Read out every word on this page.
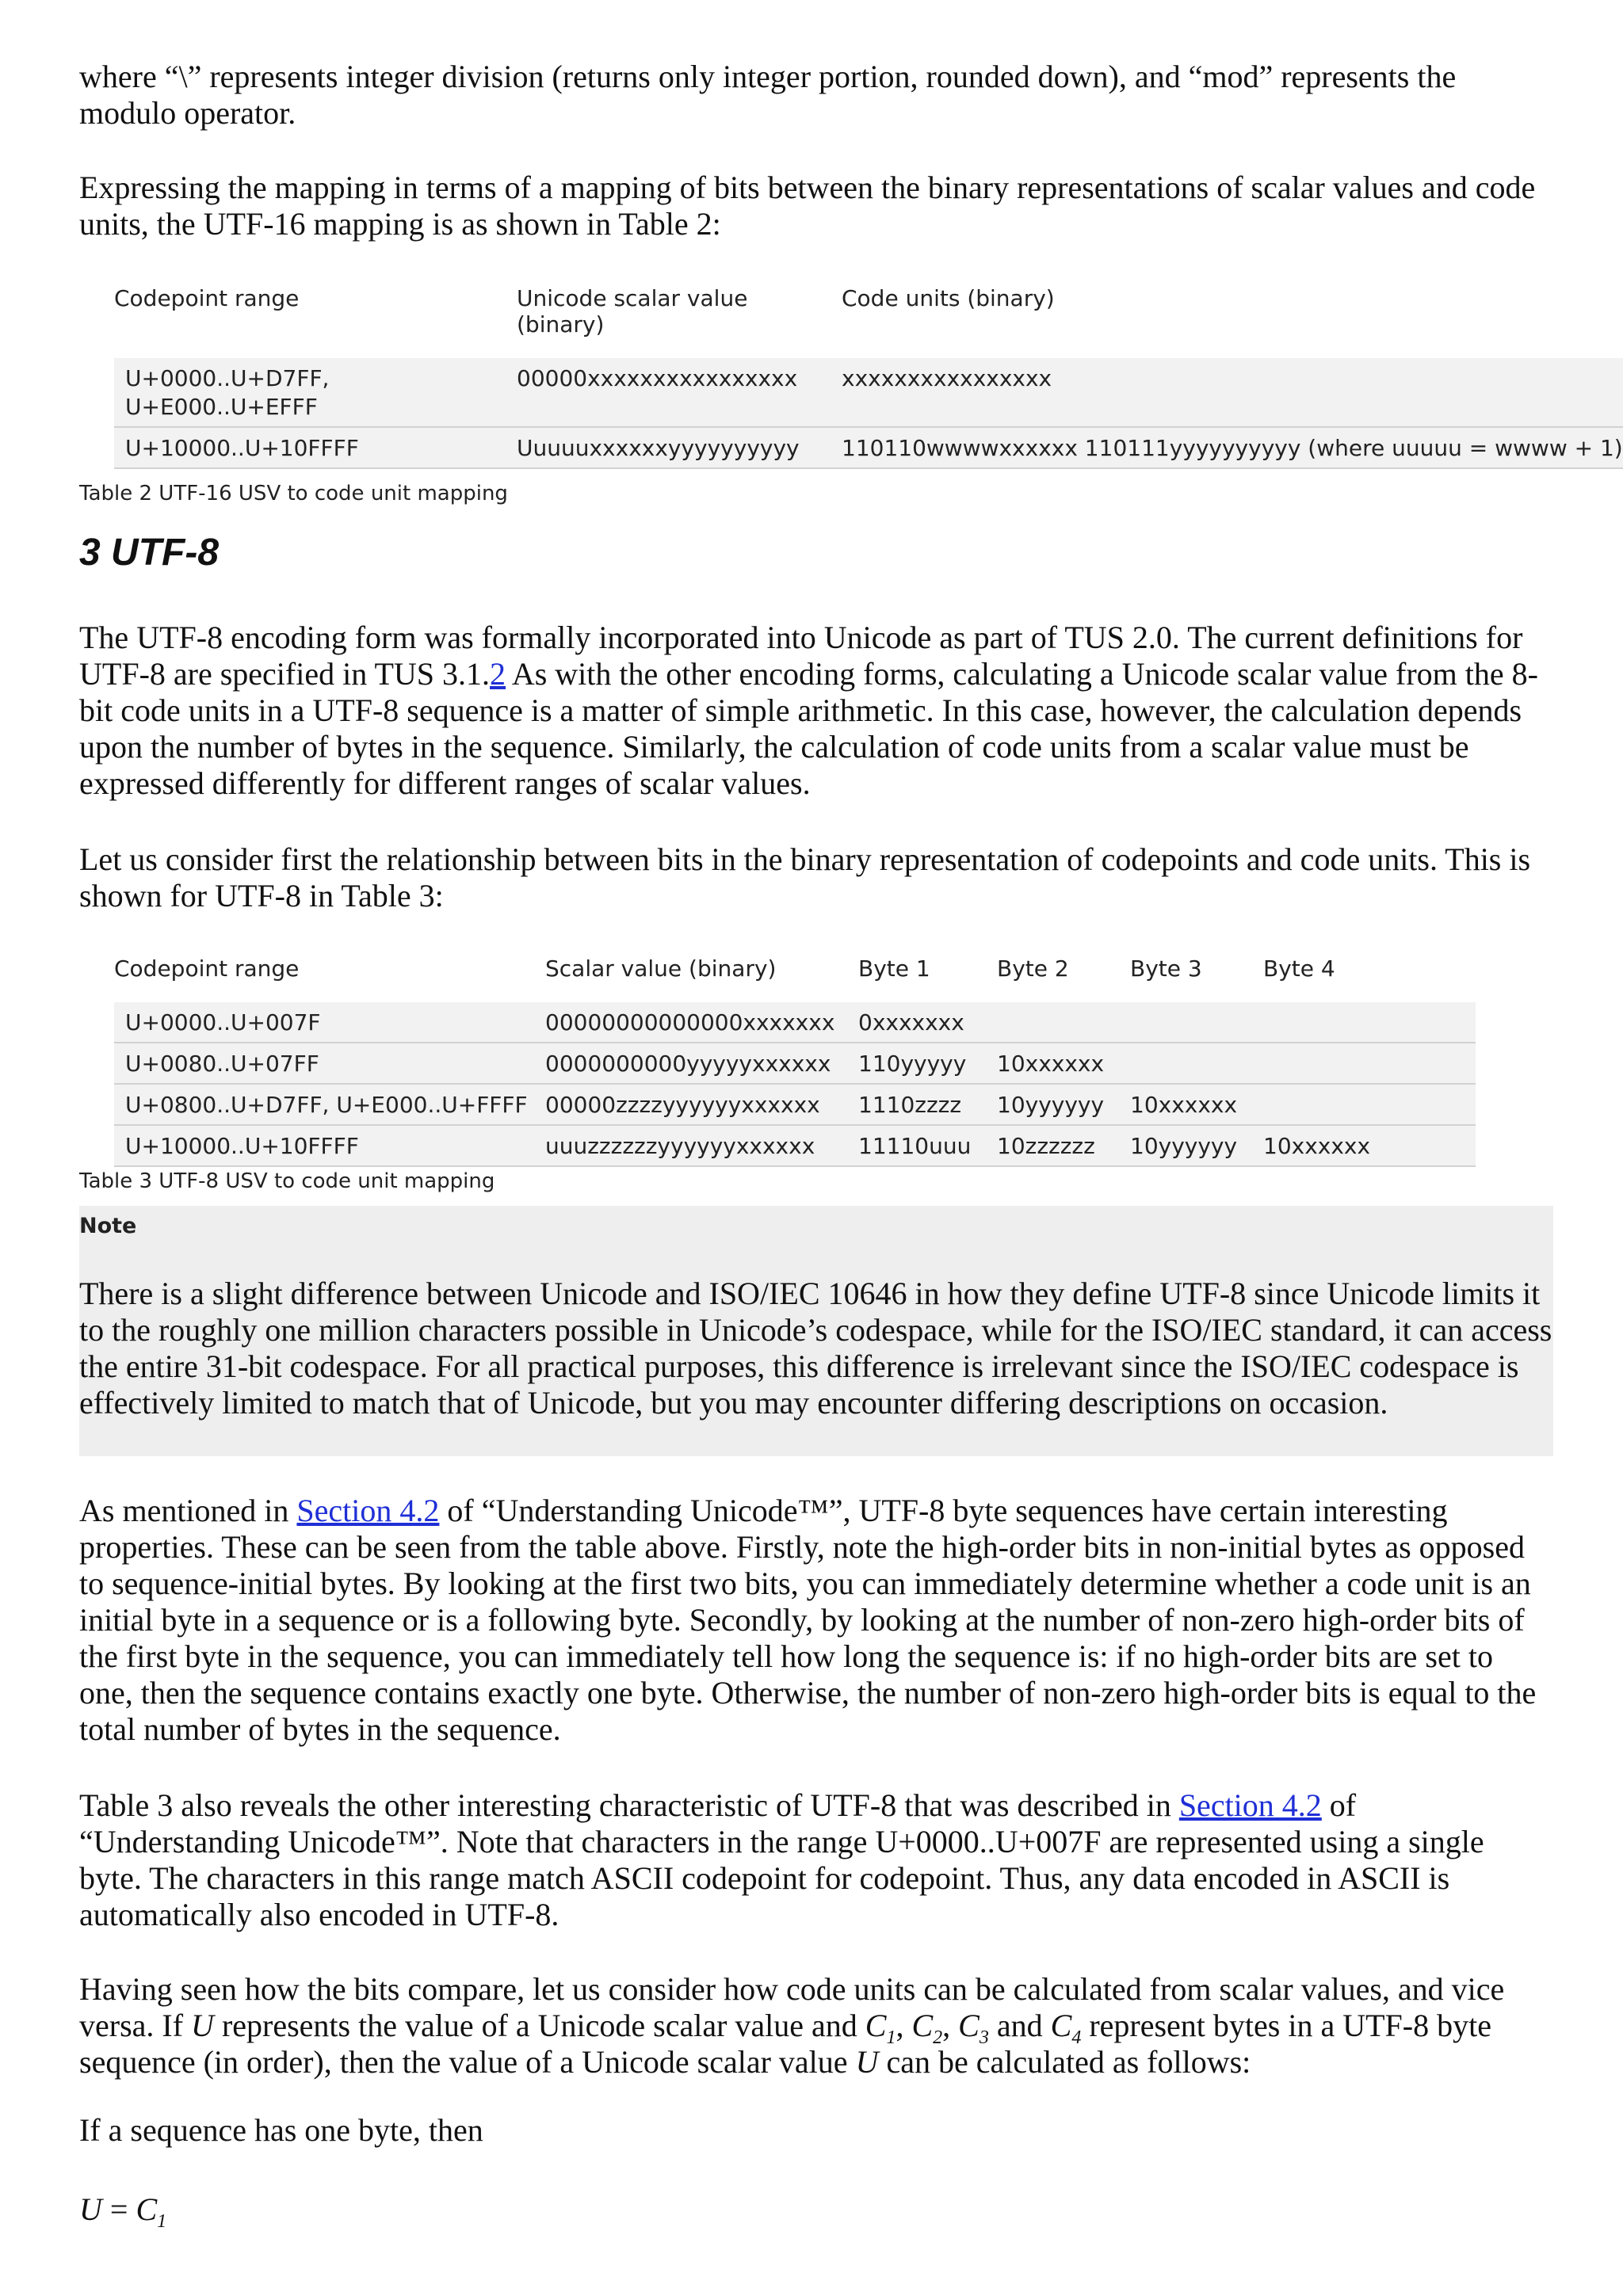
where “\” represents integer division (returns only integer portion, rounded down), and “mod” represents the modulo operator.

Expressing the mapping in terms of a mapping of bits between the binary representations of scalar values and code units, the UTF-16 mapping is as shown in Table 2:

Codepoint range	Unicode scalar value (binary)	Code units (binary)
U+0000..U+D7FF,
U+E000..U+EFFF	00000xxxxxxxxxxxxxxxx	xxxxxxxxxxxxxxxx
U+10000..U+10FFFF	Uuuuuxxxxxxyyyyyyyyyy	110110wwwwxxxxxx 110111yyyyyyyyyy (where uuuuu = wwww + 1)
Table 2 UTF-16 USV to code unit mapping
3 UTF-8

The UTF-8 encoding form was formally incorporated into Unicode as part of TUS 2.0. The current definitions for UTF-8 are specified in TUS 3.1.2 As with the other encoding forms, calculating a Unicode scalar value from the 8-bit code units in a UTF-8 sequence is a matter of simple arithmetic. In this case, however, the calculation depends upon the number of bytes in the sequence. Similarly, the calculation of code units from a scalar value must be expressed differently for different ranges of scalar values.

Let us consider first the relationship between bits in the binary representation of codepoints and code units. This is shown for UTF-8 in Table 3:

Codepoint range	Scalar value (binary)	Byte 1	Byte 2	Byte 3	Byte 4
U+0000..U+007F	00000000000000xxxxxxx	0xxxxxxx			
U+0080..U+07FF	0000000000yyyyyxxxxxx	110yyyyy	10xxxxxx		
U+0800..U+D7FF, U+E000..U+FFFF	00000zzzzyyyyyyxxxxxx	1110zzzz	10yyyyyy	10xxxxxx	
U+10000..U+10FFFF	uuuzzzzzzyyyyyyxxxxxx	11110uuu	10zzzzzz	10yyyyyy	10xxxxxx
Table 3 UTF-8 USV to code unit mapping
Note

There is a slight difference between Unicode and ISO/IEC 10646 in how they define UTF-8 since Unicode limits it to the roughly one million characters possible in Unicode’s codespace, while for the ISO/IEC standard, it can access the entire 31-bit codespace. For all practical purposes, this difference is irrelevant since the ISO/IEC codespace is effectively limited to match that of Unicode, but you may encounter differing descriptions on occasion.

As mentioned in Section 4.2 of “Understanding Unicode™”, UTF-8 byte sequences have certain interesting properties. These can be seen from the table above. Firstly, note the high-order bits in non-initial bytes as opposed to sequence-initial bytes. By looking at the first two bits, you can immediately determine whether a code unit is an initial byte in a sequence or is a following byte. Secondly, by looking at the number of non-zero high-order bits of the first byte in the sequence, you can immediately tell how long the sequence is: if no high-order bits are set to one, then the sequence contains exactly one byte. Otherwise, the number of non-zero high-order bits is equal to the total number of bytes in the sequence.

Table 3 also reveals the other interesting characteristic of UTF-8 that was described in Section 4.2 of “Understanding Unicode™”. Note that characters in the range U+0000..U+007F are represented using a single byte. The characters in this range match ASCII codepoint for codepoint. Thus, any data encoded in ASCII is automatically also encoded in UTF-8.

Having seen how the bits compare, let us consider how code units can be calculated from scalar values, and vice versa. If U represents the value of a Unicode scalar value and $C_1$, $C_2$, $C_3$ and $C_4$ represent bytes in a UTF-8 byte sequence (in order), then the value of a Unicode scalar value U can be calculated as follows:

If a sequence has one byte, then

$U = C_1$
